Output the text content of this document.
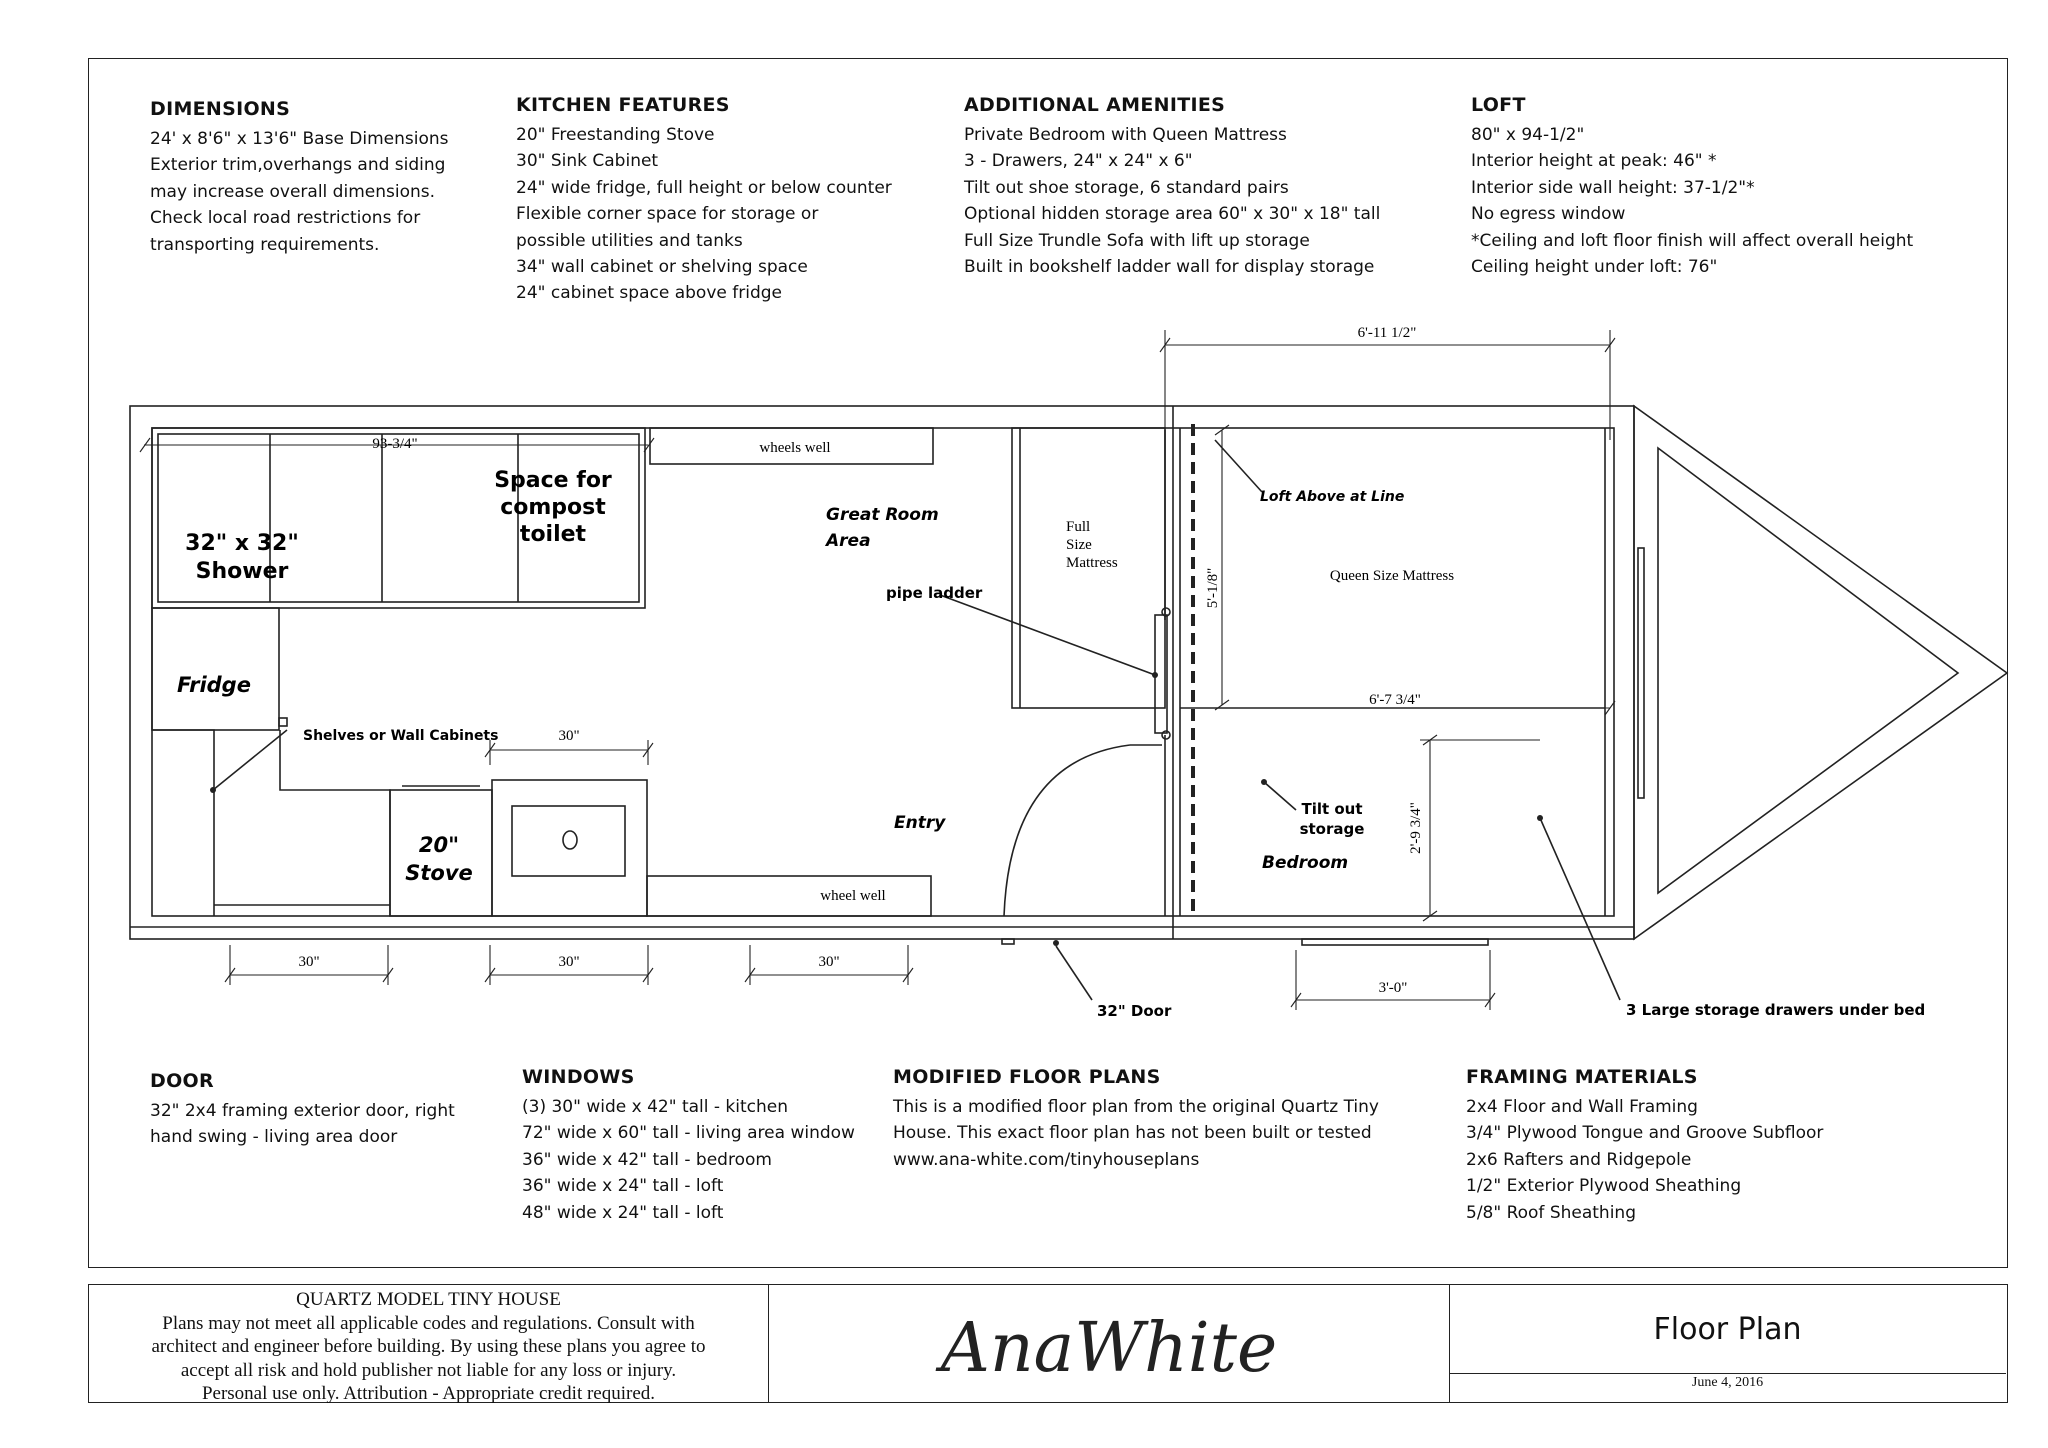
DIMENSIONS
24' x 8'6" x 13'6" Base Dimensions
Exterior trim,overhangs and siding
may increase overall dimensions.
Check local road restrictions for
transporting requirements.
KITCHEN FEATURES
20" Freestanding Stove
30" Sink Cabinet
24" wide fridge, full height or below counter
Flexible corner space for storage or
possible utilities and tanks
34" wall cabinet or shelving space
24" cabinet space above fridge
ADDITIONAL AMENITIES
Private Bedroom with Queen Mattress
3 - Drawers, 24" x 24" x 6"
Tilt out shoe storage, 6 standard pairs
Optional hidden storage area 60" x 30" x 18" tall
Full Size Trundle Sofa with lift up storage
Built in bookshelf ladder wall for display storage
LOFT
80" x 94-1/2"
Interior height at peak: 46" *
Interior side wall height: 37-1/2"*
No egress window
*Ceiling and loft floor finish will affect overall height
Ceiling height under loft: 76"
DOOR
32" 2x4 framing exterior door, right
hand swing - living area door
WINDOWS
(3) 30" wide x 42" tall - kitchen
72" wide x 60" tall - living area window
36" wide x 42" tall - bedroom
36" wide x 24" tall - loft
48" wide x 24" tall - loft
MODIFIED FLOOR PLANS
This is a modified floor plan from the original Quartz Tiny
House. This exact floor plan has not been built or tested
www.ana-white.com/tinyhouseplans
FRAMING MATERIALS
2x4 Floor and Wall Framing
3/4" Plywood Tongue and Groove Subfloor
2x6 Rafters and Ridgepole
1/2" Exterior Plywood Sheathing
5/8" Roof Sheathing
6'-11 1/2"
93-3/4"
5'-1/8"
6'-7 3/4"
2'-9 3/4"
30"	30"	30"
30"
3'-0"
32" x 32"
Shower
Space for
compost
toilet
wheels well
wheel well
Great Room
Area
Full
Size
Mattress
pipe ladder
Loft Above at Line
Queen Size Mattress
Fridge
Shelves or Wall Cabinets
20"
Stove
Entry
Tilt out
storage
Bedroom
32" Door	3 Large storage drawers under bed
QUARTZ MODEL TINY HOUSE
Plans may not meet all applicable codes and regulations. Consult with
architect and engineer before building. By using these plans you agree to
accept all risk and hold publisher not liable for any loss or injury.
Personal use only. Attribution - Appropriate credit required.
AnaWhite	Floor Plan
June 4, 2016
